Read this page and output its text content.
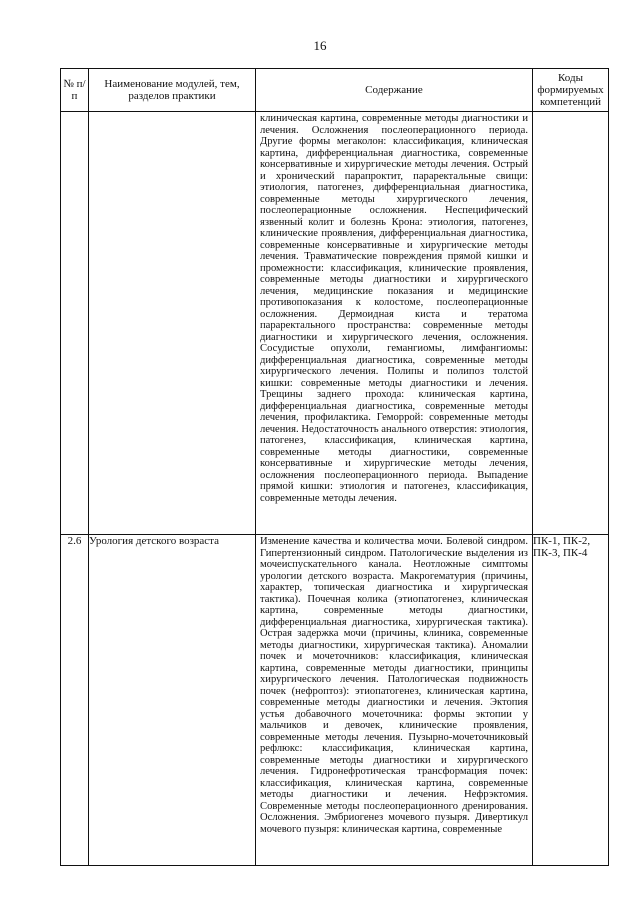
16
№ п/п	Наименование модулей, тем, разделов практики	Содержание	Коды формируемых компетенций

		клиническая картина, современные методы диагностики и лечения. Осложнения послеоперационного периода. Другие формы мегаколон: классификация, клиническая картина, дифференциальная диагностика, современные консервативные и хирургические методы лечения. Острый и хронический парапроктит, параректальные свищи: этиология, патогенез, дифференциальная диагностика, современные методы хирургического лечения, послеоперационные осложнения. Неспецифический язвенный колит и болезнь Крона: этиология, патогенез, клинические проявления, дифференциальная диагностика, современные консервативные и хирургические методы лечения. Травматические повреждения прямой кишки и промежности: классификация, клинические проявления, современные методы диагностики и хирургического лечения, медицинские показания и медицинские противопоказания к колостоме, послеоперационные осложнения. Дермоидная киста и тератома параректального пространства: современные методы диагностики и хирургического лечения, осложнения. Сосудистые опухоли, гемангиомы, лимфангиомы: дифференциальная диагностика, современные методы хирургического лечения. Полипы и полипоз толстой кишки: современные методы диагностики и лечения. Трещины заднего прохода: клиническая картина, дифференциальная диагностика, современные методы лечения, профилактика. Геморрой: современные методы лечения. Недостаточность анального отверстия: этиология, патогенез, классификация, клиническая картина, современные методы диагностики, современные консервативные и хирургические методы лечения, осложнения послеоперационного периода. Выпадение прямой кишки: этиология и патогенез, классификация, современные методы лечения.	

2.6	Урология детского возраста	Изменение качества и количества мочи. Болевой синдром. Гипертензионный синдром. Патологические выделения из мочеиспускательного канала. Неотложные симптомы урологии детского возраста. Макрогематурия (причины, характер, топическая диагностика и хирургическая тактика). Почечная колика (этиопатогенез, клиническая картина, современные методы диагностики, дифференциальная диагностика, хирургическая тактика). Острая задержка мочи (причины, клиника, современные методы диагностики, хирургическая тактика). Аномалии почек и мочеточников: классификация, клиническая картина, современные методы диагностики, принципы хирургического лечения. Патологическая подвижность почек (нефроптоз): этиопатогенез, клиническая картина, современные методы диагностики и лечения. Эктопия устья добавочного мочеточника: формы эктопии у мальчиков и девочек, клинические проявления, современные методы лечения. Пузырно-мочеточниковый рефлюкс: классификация, клиническая картина, современные методы диагностики и хирургического лечения. Гидронефротическая трансформация почек: классификация, клиническая картина, современные методы диагностики и лечения. Нефрэктомия. Современные методы послеоперационного дренирования. Осложнения. Эмбриогенез мочевого пузыря. Дивертикул мочевого пузыря: клиническая картина, современные	ПК-1, ПК-2, ПК-3, ПК-4
